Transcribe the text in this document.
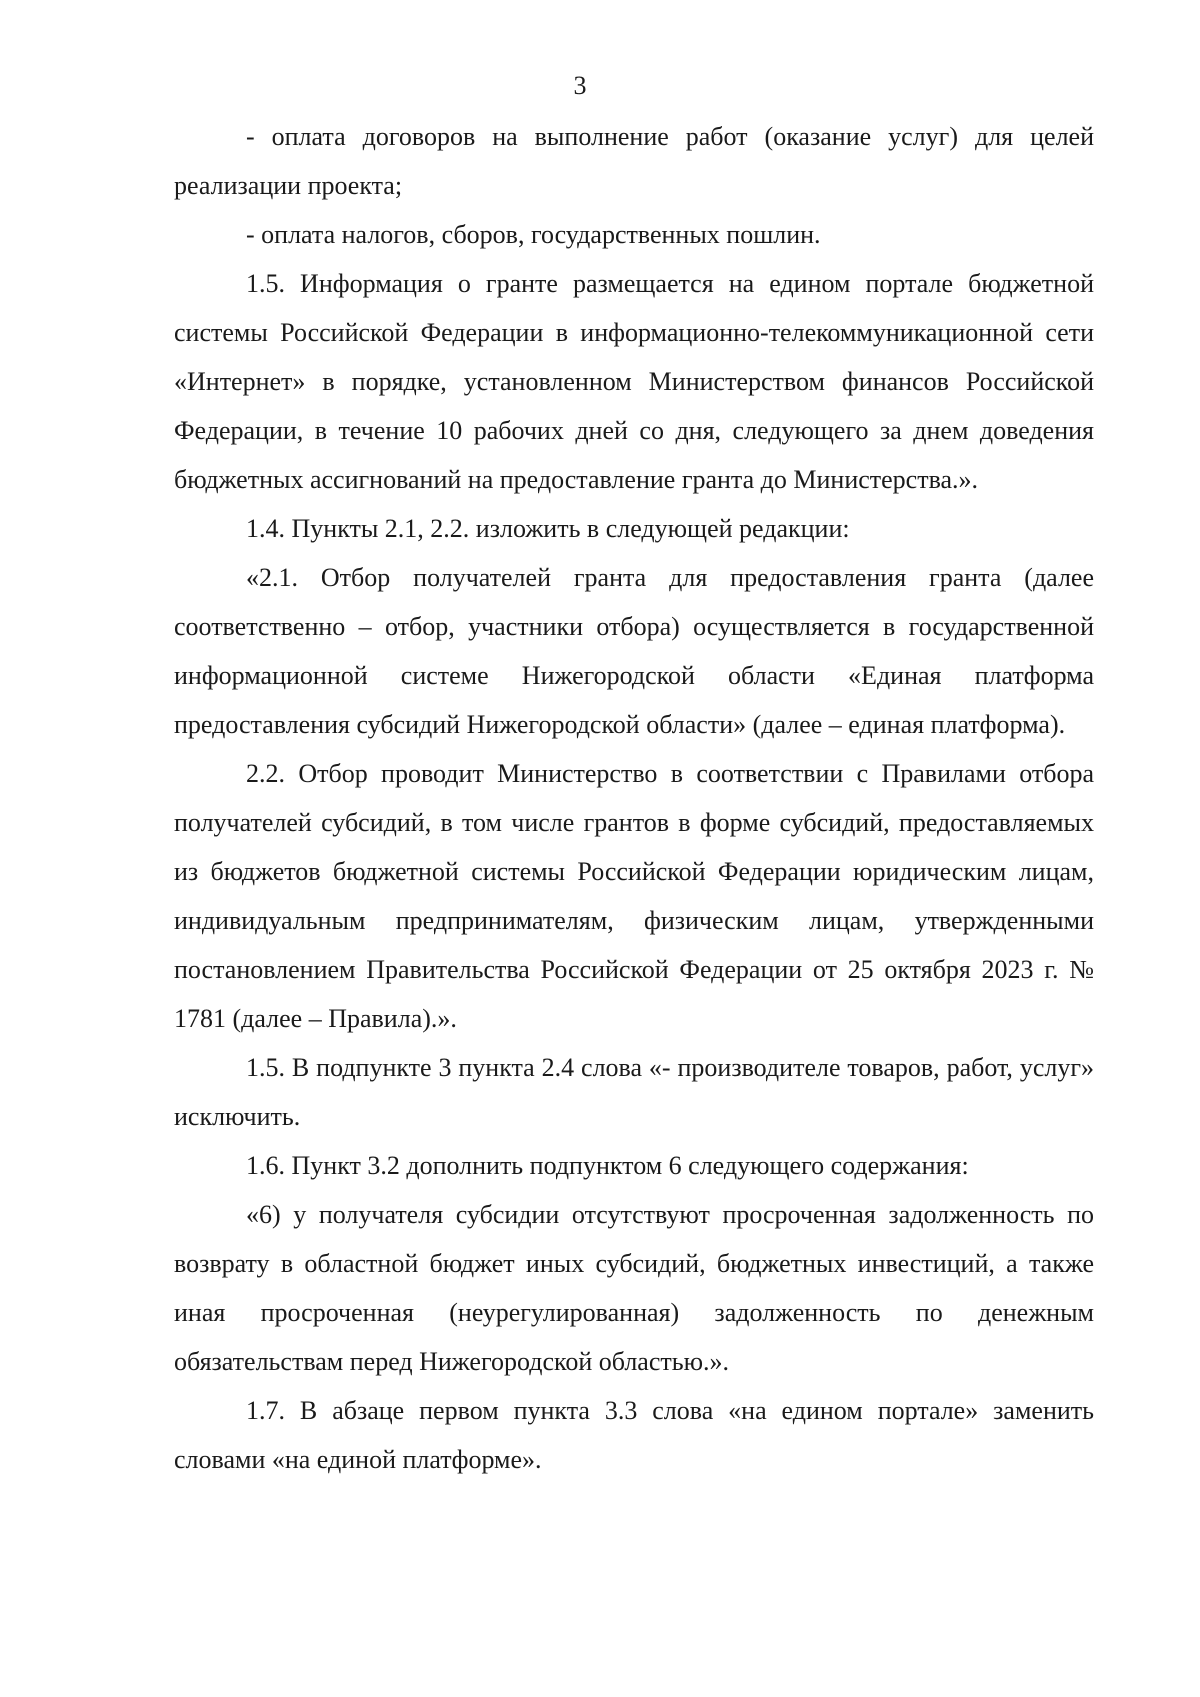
3

- оплата договоров на выполнение работ (оказание услуг) для целей реализации проекта;

- оплата налогов, сборов, государственных пошлин.

1.5. Информация о гранте размещается на едином портале бюджетной системы Российской Федерации в информационно-телекоммуникационной сети «Интернет» в порядке, установленном Министерством финансов Российской Федерации, в течение 10 рабочих дней со дня, следующего за днем доведения бюджетных ассигнований на предоставление гранта до Министерства.».

1.4. Пункты 2.1, 2.2. изложить в следующей редакции:

«2.1. Отбор получателей гранта для предоставления гранта (далее соответственно – отбор, участники отбора) осуществляется в государственной информационной системе Нижегородской области «Единая платформа предоставления субсидий Нижегородской области» (далее – единая платформа).

2.2. Отбор проводит Министерство в соответствии с Правилами отбора получателей субсидий, в том числе грантов в форме субсидий, предоставляемых из бюджетов бюджетной системы Российской Федерации юридическим лицам, индивидуальным предпринимателям, физическим лицам, утвержденными постановлением Правительства Российской Федерации от 25 октября 2023 г. № 1781 (далее – Правила).».

1.5. В подпункте 3 пункта 2.4 слова «- производителе товаров, работ, услуг» исключить.

1.6. Пункт 3.2 дополнить подпунктом 6 следующего содержания:

«6) у получателя субсидии отсутствуют просроченная задолженность по возврату в областной бюджет иных субсидий, бюджетных инвестиций, а также иная просроченная (неурегулированная) задолженность по денежным обязательствам перед Нижегородской областью.».

1.7. В абзаце первом пункта 3.3 слова «на едином портале» заменить словами «на единой платформе».
